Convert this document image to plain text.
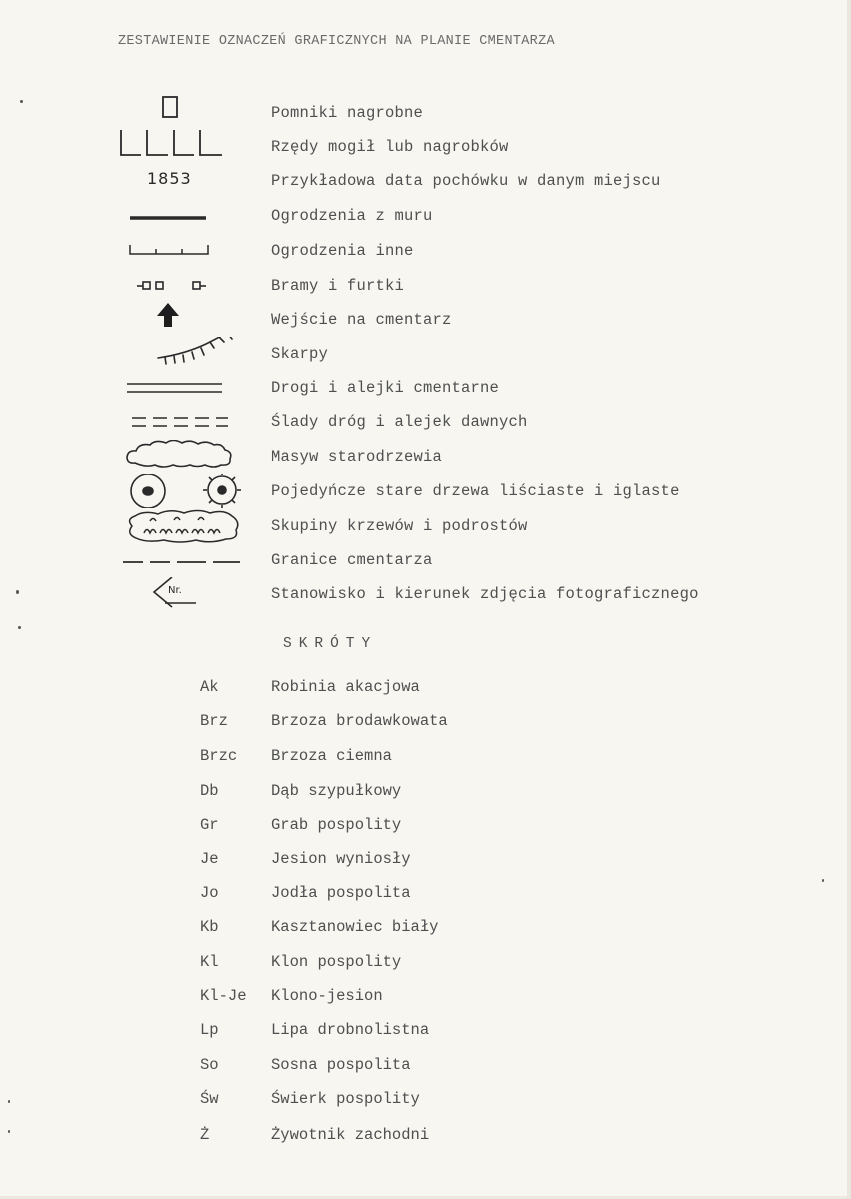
ZESTAWIENIE OZNACZEŃ GRAFICZNYCH NA PLANIE CMENTARZA
Pomniki nagrobne
Rzędy mogił lub nagrobków
1853	Przykładowa data pochówku w danym miejscu
Ogrodzenia z muru
Ogrodzenia inne
Bramy i furtki
Wejście na cmentarz
Skarpy
Drogi i alejki cmentarne
Ślady dróg i alejek dawnych
Masyw starodrzewia
Pojedyńcze stare drzewa liściaste i iglaste
Skupiny krzewów i podrostów
Granice cmentarza
Nr.	Stanowisko i kierunek zdjęcia fotograficznego
SKRÓTY
Ak	Robinia akacjowa
Brz	Brzoza brodawkowata
Brzc Brzoza ciemna
Db	Dąb szypułkowy
Gr	Grab pospolity
Je	Jesion wyniosły
Jo	Jodła pospolita
Kb	Kasztanowiec biały
Kl	Klon pospolity
Kl-Je Klono-jesion
Lp	Lipa drobnolistna
So	Sosna pospolita
Św	Świerk pospolity
Ż	Żywotnik zachodni
